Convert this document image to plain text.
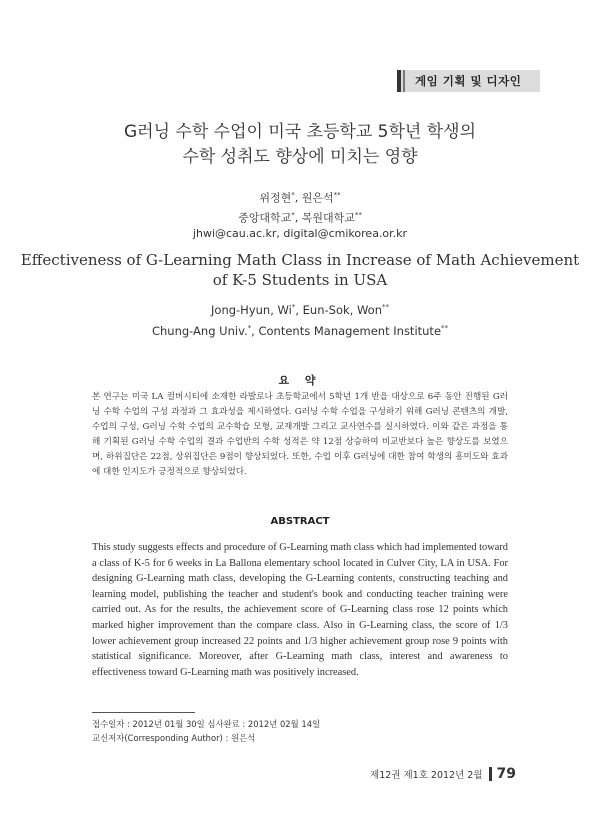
게임 기획 및 디자인
G러닝 수학 수업이 미국 초등학교 5학년 학생의
수학 성취도 향상에 미치는 영향
위정현*, 원은석**
중앙대학교*, 목원대학교**
jhwi@cau.ac.kr, digital@cmikorea.or.kr
Effectiveness of G-Learning Math Class in Increase of Math Achievement
of K-5 Students in USA
Jong-Hyun, Wi*, Eun-Sok, Won**
Chung-Ang Univ.*, Contents Management Institute**
요 약
본 연구는 미국 LA 컬버시티에 소재한 라발로나 초등학교에서 5학년 1개 반을 대상으로 6주 동안 진행된 G러닝 수학 수업의 구성 과정과 그 효과성을 제시하였다. G러닝 수학 수업을 구성하기 위해 G러닝 콘텐츠의 개발, 수업의 구성, G러닝 수학 수업의 교수학습 모형, 교재개발 그리고 교사연수를 실시하였다. 이와 같은 과정을 통해 기획된 G러닝 수학 수업의 결과 수업반의 수학 성적은 약 12점 상승하여 비교반보다 높은 향상도를 보였으며, 하위집단은 22점, 상위집단은 9점이 향상되었다. 또한, 수업 이후 G러닝에 대한 참여 학생의 흥미도와 효과에 대한 인지도가 긍정적으로 향상되었다.
ABSTRACT
This study suggests effects and procedure of G-Learning math class which had implemented toward a class of K-5 for 6 weeks in La Ballona elementary school located in Culver City, LA in USA. For designing G-Learning math class, developing the G-Learning contents, constructing teaching and learning model, publishing the teacher and student's book and conducting teacher training were carried out. As for the results, the achievement score of G-Learning class rose 12 points which marked higher improvement than the compare class. Also in G-Learning class, the score of 1/3 lower achievement group increased 22 points and 1/3 higher achievement group rose 9 points with statistical significance. Moreover, after G-Learning math class, interest and awareness to effectiveness toward G-Learning math was positively increased.
접수일자 : 2012년 01월 30일 심사완료 : 2012년 02월 14일
교신저자(Corresponding Author) : 원은석
제12권 제1호 2012년 2월 79
